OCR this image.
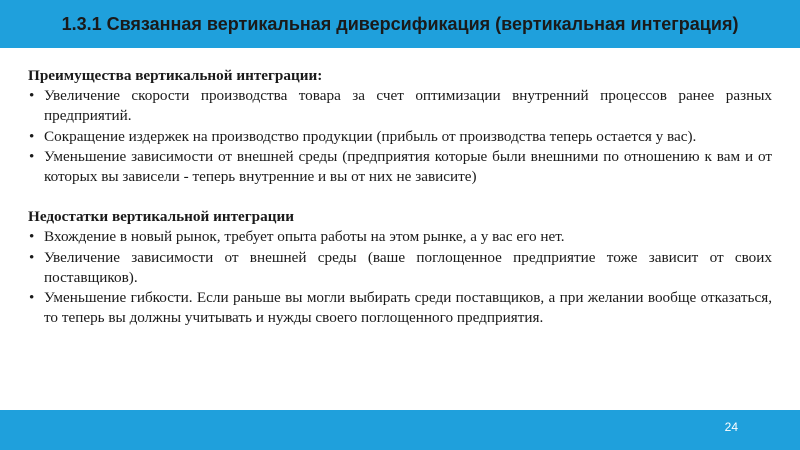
1.3.1 Связанная вертикальная диверсификация (вертикальная интеграция)

Преимущества вертикальной интеграции:

• Увеличение скорости производства товара за счет оптимизации внутренний процессов ранее разных предприятий.
• Сокращение издержек на производство продукции (прибыль от производства теперь остается у вас).
• Уменьшение зависимости от внешней среды (предприятия которые были внешними по отношению к вам и от которых вы зависели - теперь внутренние и вы от них не зависите)

Недостатки вертикальной интеграции

• Вхождение в новый рынок, требует опыта работы на этом рынке, а у вас его нет.
• Увеличение зависимости от внешней среды (ваше поглощенное предприятие тоже зависит от своих поставщиков).
• Уменьшение гибкости. Если раньше вы могли выбирать среди поставщиков, а при желании вообще отказаться, то теперь вы должны учитывать и нужды своего поглощенного предприятия.
24
